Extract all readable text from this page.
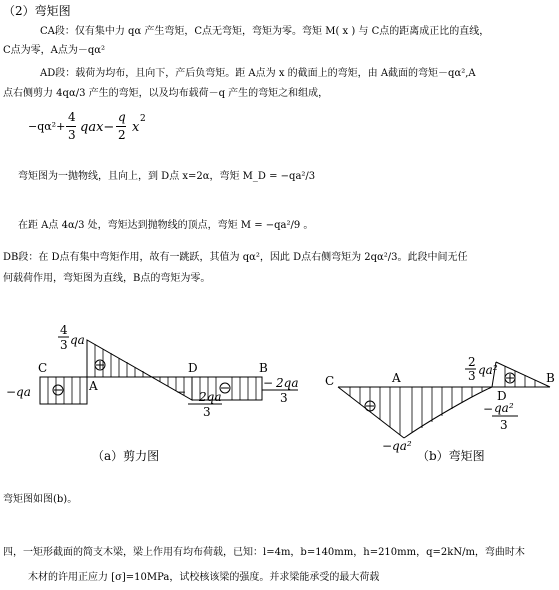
（2）弯矩图
CA段：仅有集中力 qα 产生弯矩，C点无弯矩，弯矩为零。弯矩 M( x ) 与 C点的距离成正比的直线，
C点为零，A点为－qα²
AD段：载荷为均布，且向下，产后负弯矩。距 A点为 x 的截面上的弯矩，由 A截面的弯矩－qα²,A
点右侧剪力 4qα/3 产生的弯矩，以及均布载荷－q 产生的弯矩之和组成，
−qα²+
4
3 qax−
q
2 x
2
弯矩图为一抛物线，且向上，到 D点 x=2α，弯矩 M_D = −qa²/3
在距 A点 4α/3 处，弯矩达到抛物线的顶点，弯矩 M = −qa²/9 。
DB段：在 D点有集中弯矩作用，故有一跳跃，其值为 qα²，因此 D点右侧弯矩为 2qα²/3。此段中间无任
何载荷作用，弯矩图为直线，B点的弯矩为零。
C
A
D	B
−qa
4
3 qa
− 2qa
3
− 2qa
3
（a）剪力图
C	A
D
B
2
3 qa²
−qa²
− qa²
3
（b）弯矩图
弯矩图如图(b)。
四，一矩形截面的简支木梁，梁上作用有均布荷载，已知：l=4m，b=140mm，h=210mm，q=2kN/m，弯曲时木
木材的许用正应力 [σ]=10MPa，试校核该梁的强度。并求梁能承受的最大荷载
